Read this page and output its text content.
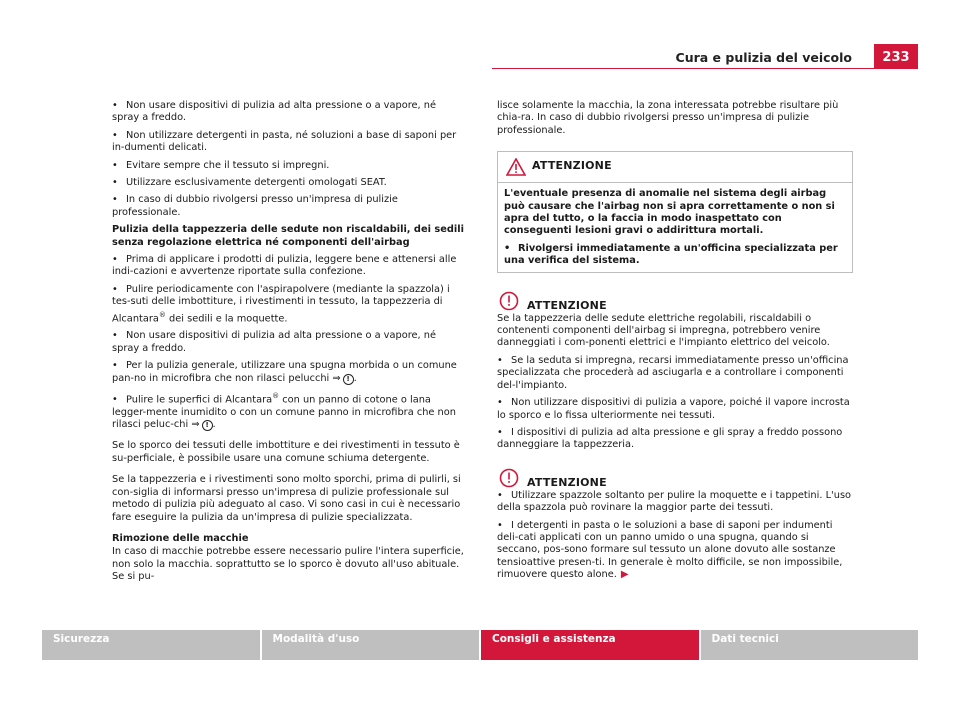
Cura e pulizia del veicolo	233
• Non usare dispositivi di pulizia ad alta pressione o a vapore, né spray a freddo.
• Non utilizzare detergenti in pasta, né soluzioni a base di saponi per in-dumenti delicati.
• Evitare sempre che il tessuto si impregni.
• Utilizzare esclusivamente detergenti omologati SEAT.
• In caso di dubbio rivolgersi presso un'impresa di pulizie professionale.
Pulizia della tappezzeria delle sedute non riscaldabili, dei sedili senza regolazione elettrica né componenti dell'airbag
• Prima di applicare i prodotti di pulizia, leggere bene e attenersi alle indi-cazioni e avvertenze riportate sulla confezione.
• Pulire periodicamente con l'aspirapolvere (mediante la spazzola) i tes-suti delle imbottiture, i rivestimenti in tessuto, la tappezzeria di Alcantara® dei sedili e la moquette.
• Non usare dispositivi di pulizia ad alta pressione o a vapore, né spray a freddo.
• Per la pulizia generale, utilizzare una spugna morbida o un comune pan-no in microfibra che non rilasci pelucchi ⇒ ! .
• Pulire le superfici di Alcantara® con un panno di cotone o lana legger-mente inumidito o con un comune panno in microfibra che non rilasci peluc-chi ⇒ ! .
Se lo sporco dei tessuti delle imbottiture e dei rivestimenti in tessuto è su-perficiale, è possibile usare una comune schiuma detergente.
Se la tappezzeria e i rivestimenti sono molto sporchi, prima di pulirli, si con-siglia di informarsi presso un'impresa di pulizie professionale sul metodo di pulizia più adeguato al caso. Vi sono casi in cui è necessario fare eseguire la pulizia da un'impresa di pulizie specializzata.
Rimozione delle macchie
In caso di macchie potrebbe essere necessario pulire l'intera superficie, non solo la macchia. soprattutto se lo sporco è dovuto all'uso abituale. Se si pu-
lisce solamente la macchia, la zona interessata potrebbe risultare più chia-ra. In caso di dubbio rivolgersi presso un'impresa di pulizie professionale.
ATTENZIONE
L'eventuale presenza di anomalie nel sistema degli airbag può causare che l'airbag non si apra correttamente o non si apra del tutto, o la faccia in modo inaspettato con conseguenti lesioni gravi o addirittura mortali.
• Rivolgersi immediatamente a un'officina specializzata per una verifica del sistema.
ATTENZIONE
Se la tappezzeria delle sedute elettriche regolabili, riscaldabili o contenenti componenti dell'airbag si impregna, potrebbero venire danneggiati i com-ponenti elettrici e l'impianto elettrico del veicolo.
• Se la seduta si impregna, recarsi immediatamente presso un'officina specializzata che procederà ad asciugarla e a controllare i componenti del-l'impianto.
• Non utilizzare dispositivi di pulizia a vapore, poiché il vapore incrosta lo sporco e lo fissa ulteriormente nei tessuti.
• I dispositivi di pulizia ad alta pressione e gli spray a freddo possono danneggiare la tappezzeria.
ATTENZIONE
• Utilizzare spazzole soltanto per pulire la moquette e i tappetini. L'uso della spazzola può rovinare la maggior parte dei tessuti.
• I detergenti in pasta o le soluzioni a base di saponi per indumenti deli-cati applicati con un panno umido o una spugna, quando si seccano, pos-sono formare sul tessuto un alone dovuto alle sostanze tensioattive presen-ti. In generale è molto difficile, se non impossibile, rimuovere questo alone. ▶
Sicurezza	Modalità d'uso	Consigli e assistenza	Dati tecnici
